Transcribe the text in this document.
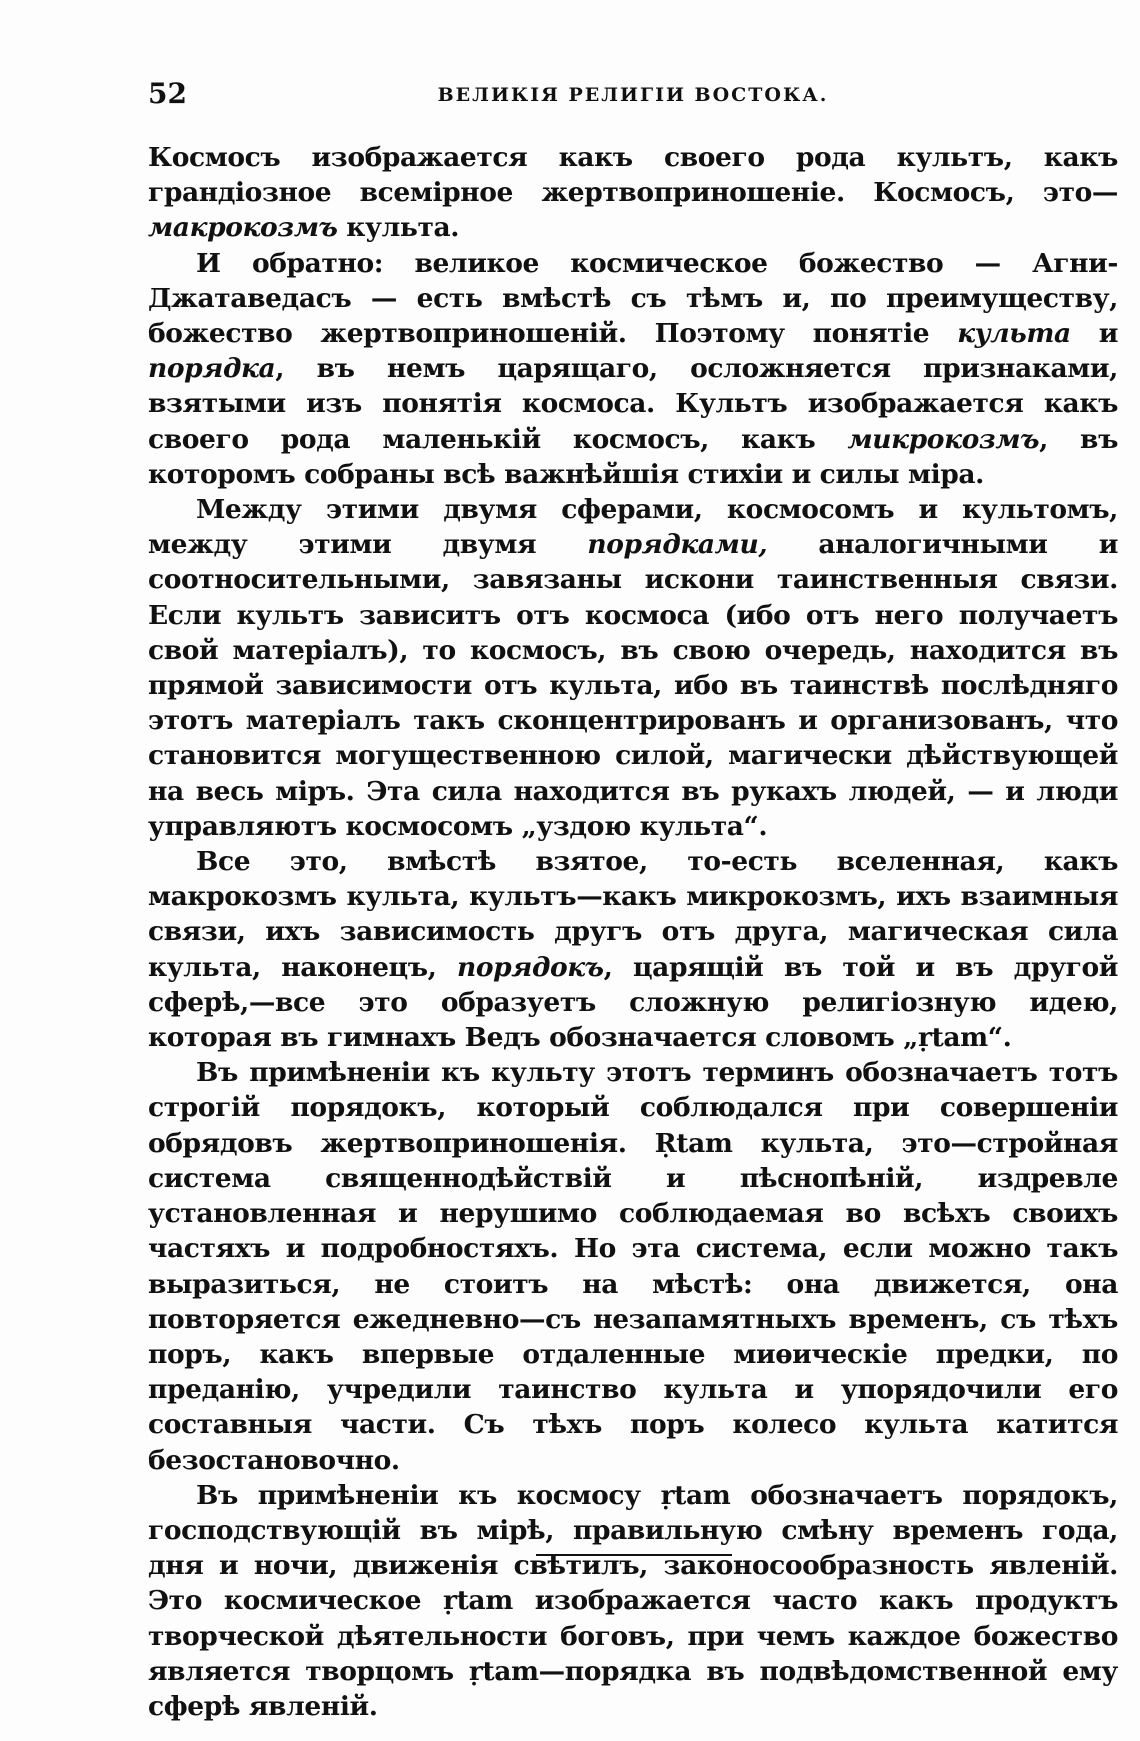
52	ВЕЛИКІЯ РЕЛИГІИ ВОСТОКА.

Космосъ изображается какъ своего рода культъ, какъ грандіозное всемірное жертвоприношеніе. Космосъ, это—макрокозмъ культа.

И обратно: великое космическое божество — Агни-Джатаведасъ — есть вмѣстѣ съ тѣмъ и, по преимуществу, божество жертвоприношеній. Поэтому понятіе культа и порядка, въ немъ царящаго, осложняется признаками, взятыми изъ понятія космоса. Культъ изображается какъ своего рода маленькій космосъ, какъ микрокозмъ, въ которомъ собраны всѣ важнѣйшія стихіи и силы міра.

Между этими двумя сферами, космосомъ и культомъ, между этими двумя порядками, аналогичными и соотносительными, завязаны искони таинственныя связи. Если культъ зависитъ отъ космоса (ибо отъ него получаетъ свой матеріалъ), то космосъ, въ свою очередь, находится въ прямой зависимости отъ культа, ибо въ таинствѣ послѣдняго этотъ матеріалъ такъ сконцентрированъ и организованъ, что становится могущественною силой, магически дѣйствующей на весь міръ. Эта сила находится въ рукахъ людей, — и люди управляютъ космосомъ „уздою культа“.

Все это, вмѣстѣ взятое, то-есть вселенная, какъ макрокозмъ культа, культъ—какъ микрокозмъ, ихъ взаимныя связи, ихъ зависимость другъ отъ друга, магическая сила культа, наконецъ, порядокъ, царящій въ той и въ другой сферѣ,—все это образуетъ сложную религіозную идею, которая въ гимнахъ Ведъ обозначается словомъ „ṛtam“.

Въ примѣненіи къ культу этотъ терминъ обозначаетъ тотъ строгій порядокъ, который соблюдался при совершеніи обрядовъ жертвоприношенія. Ṛtam культа, это—стройная система священнодѣйствій и пѣснопѣній, издревле установленная и нерушимо соблюдаемая во всѣхъ своихъ частяхъ и подробностяхъ. Но эта система, если можно такъ выразиться, не стоитъ на мѣстѣ: она движется, она повторяется ежедневно—съ незапамятныхъ временъ, съ тѣхъ поръ, какъ впервые отдаленные миѳическіе предки, по преданію, учредили таинство культа и упорядочили его составныя части. Съ тѣхъ поръ колесо культа катится безостановочно.

Въ примѣненіи къ космосу ṛtam обозначаетъ порядокъ, господствующій въ мірѣ, правильную смѣну временъ года, дня и ночи, движенія свѣтилъ, законосообразность явленій. Это космическое ṛtam изображается часто какъ продуктъ творческой дѣятельности боговъ, при чемъ каждое божество является творцомъ ṛtam—порядка въ подвѣдомственной ему сферѣ явленій.
